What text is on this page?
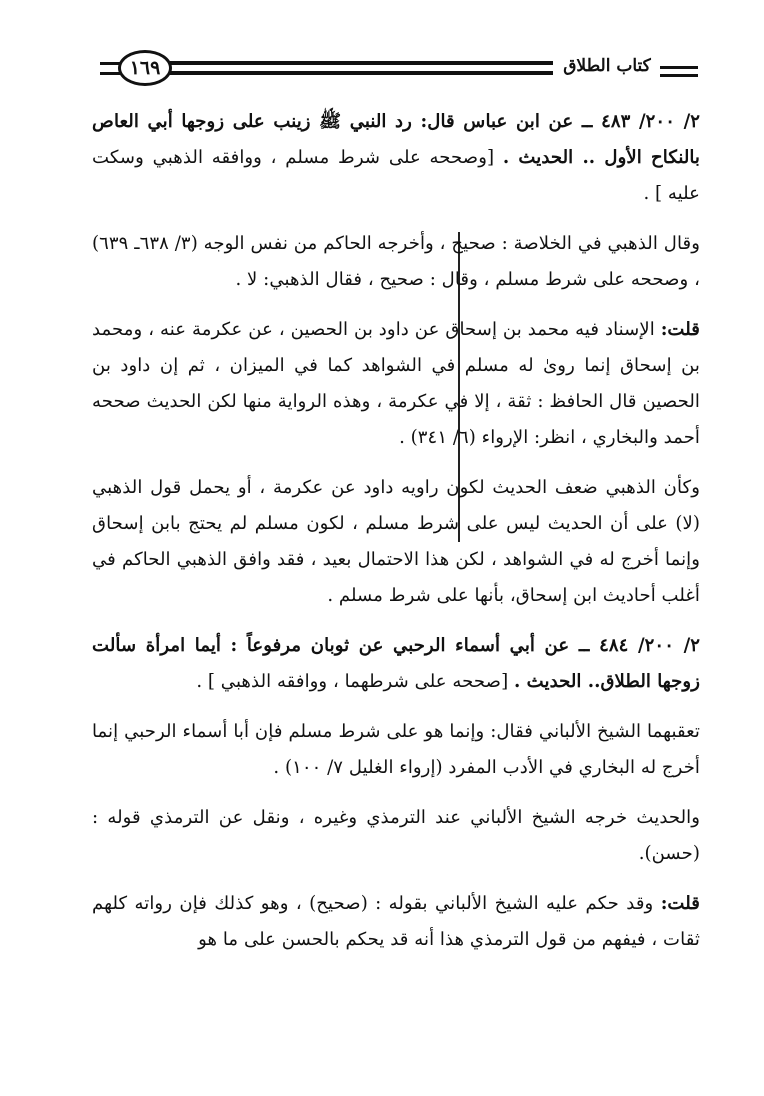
١٦٩	كتاب الطلاق

٢/ ٢٠٠/ ٤٨٣ ــ عن ابن عباس قال: رد النبي ﷺ زينب على زوجها أبي العاص بالنكاح الأول .. الحديث . [وصححه على شرط مسلم ، ووافقه الذهبي وسكت عليه ] .

وقال الذهبي في الخلاصة : صحيح ، وأخرجه الحاكم من نفس الوجه (٣/ ٦٣٨ـ ٦٣٩) ، وصححه على شرط مسلم ، وقال : صحيح ، فقال الذهبي: لا .

قلت: الإسناد فيه محمد بن إسحاق عن داود بن الحصين ، عن عكرمة عنه ، ومحمد بن إسحاق إنما روىٰ له مسلم في الشواهد كما في الميزان ، ثم إن داود بن الحصين قال الحافظ : ثقة ، إلا في عكرمة ، وهذه الرواية منها لكن الحديث صححه أحمد والبخاري ، انظر: الإرواء (٦/ ٣٤١) .

وكأن الذهبي ضعف الحديث لكون راويه داود عن عكرمة ، أو يحمل قول الذهبي (لا) على أن الحديث ليس على شرط مسلم ، لكون مسلم لم يحتج بابن إسحاق وإنما أخرج له في الشواهد ، لكن هذا الاحتمال بعيد ، فقد وافق الذهبي الحاكم في أغلب أحاديث ابن إسحاق، بأنها على شرط مسلم .

٢/ ٢٠٠/ ٤٨٤ ــ عن أبي أسماء الرحبي عن ثوبان مرفوعاً : أيما امرأة سألت زوجها الطلاق.. الحديث . [صححه على شرطهما ، ووافقه الذهبي ] .

تعقبهما الشيخ الألباني فقال: وإنما هو على شرط مسلم فإن أبا أسماء الرحبي إنما أخرج له البخاري في الأدب المفرد (إرواء الغليل ٧/ ١٠٠) .

والحديث خرجه الشيخ الألباني عند الترمذي وغيره ، ونقل عن الترمذي قوله : (حسن).

قلت: وقد حكم عليه الشيخ الألباني بقوله : (صحيح) ، وهو كذلك فإن رواته كلهم ثقات ، فيفهم من قول الترمذي هذا أنه قد يحكم بالحسن على ما هو
